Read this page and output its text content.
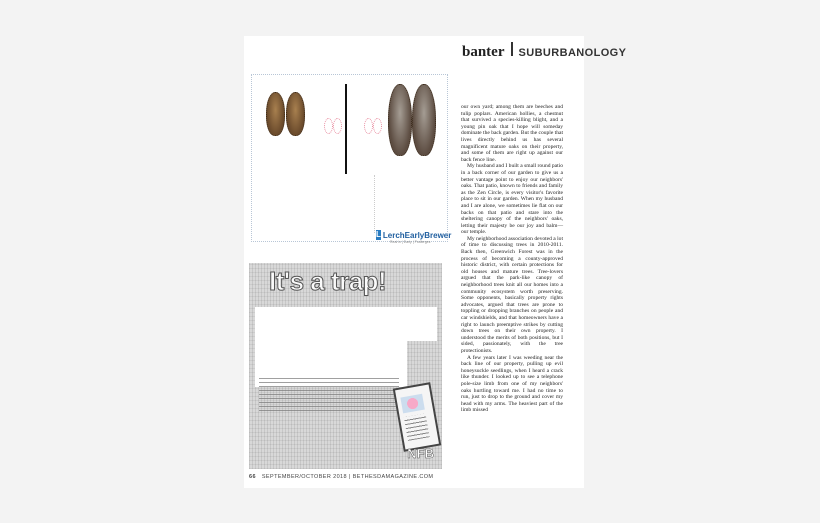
banter SUBURBANOLOGY
L LerchEarlyBrewer
Real in | Early | Pudlerges
It's a trap!
NFB

our own yard; among them are beeches and tulip poplars. American hollies, a chestnut that survived a species-killing blight, and a young pin oak that I hope will someday dominate the back garden. But the couple that lives directly behind us has several magnificent mature oaks on their property, and some of them are right up against our back fence line.

My husband and I built a small round patio in a back corner of our garden to give us a better vantage point to enjoy our neighbors' oaks. That patio, known to friends and family as the Zen Circle, is every visitor's favorite place to sit in our garden. When my husband and I are alone, we sometimes lie flat on our backs on that patio and stare into the sheltering canopy of the neighbors' oaks, letting their majesty be our joy and balm—our temple.

My neighborhood association devoted a lot of time to discussing trees in 2010-2011. Back then, Greenwich Forest was in the process of becoming a county-approved historic district, with certain protections for old houses and mature trees. Tree-lovers argued that the park-like canopy of neighborhood trees knit all our homes into a community ecosystem worth preserving. Some opponents, basically property rights advocates, argued that trees are prone to toppling or dropping branches on people and car windshields, and that homeowners have a right to launch preemptive strikes by cutting down trees on their own property. I understood the merits of both positions, but I sided, passionately, with the tree protectionists.

A few years later I was weeding near the back line of our property, pulling up evil honeysuckle seedlings, when I heard a crack like thunder. I looked up to see a telephone pole-size limb from one of my neighbors' oaks hurtling toward me. I had no time to run, just to drop to the ground and cover my head with my arms. The heaviest part of the limb missed

66 SEPTEMBER/OCTOBER 2018 | BETHESDAMAGAZINE.COM
